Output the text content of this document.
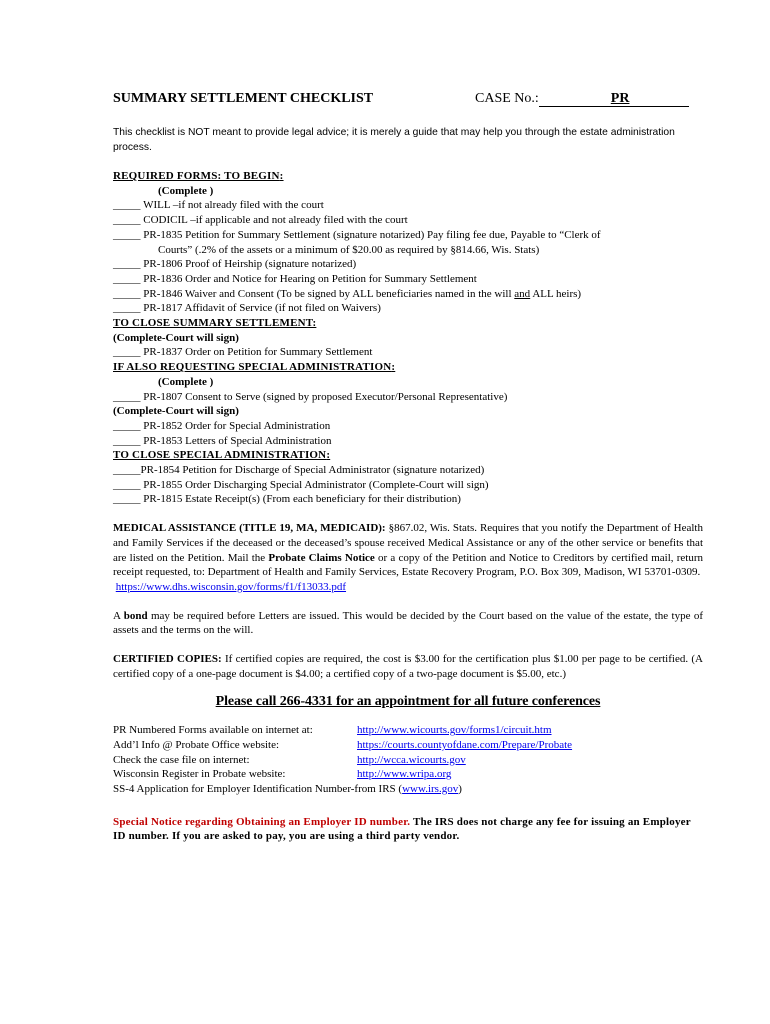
SUMMARY SETTLEMENT CHECKLIST	CASE No.:	PR
This checklist is NOT meant to provide legal advice; it is merely a guide that may help you through the estate administration process.
REQUIRED FORMS: TO BEGIN:
(Complete )
_____ WILL –if not already filed with the court
_____ CODICIL –if applicable and not already filed with the court
_____ PR-1835 Petition for Summary Settlement (signature notarized) Pay filing fee due, Payable to “Clerk of
Courts” (.2% of the assets or a minimum of $20.00 as required by §814.66, Wis. Stats)
_____ PR-1806 Proof of Heirship (signature notarized)
_____ PR-1836 Order and Notice for Hearing on Petition for Summary Settlement
_____ PR-1846 Waiver and Consent (To be signed by ALL beneficiaries named in the will and ALL heirs)
_____ PR-1817 Affidavit of Service (if not filed on Waivers)
TO CLOSE SUMMARY SETTLEMENT:
(Complete-Court will sign)
_____ PR-1837 Order on Petition for Summary Settlement
IF ALSO REQUESTING SPECIAL ADMINISTRATION:
(Complete )
_____ PR-1807 Consent to Serve (signed by proposed Executor/Personal Representative)
(Complete-Court will sign)
_____ PR-1852 Order for Special Administration
_____ PR-1853 Letters of Special Administration
TO CLOSE SPECIAL ADMINISTRATION:
_____PR-1854 Petition for Discharge of Special Administrator (signature notarized)
_____ PR-1855 Order Discharging Special Administrator (Complete-Court will sign)
_____ PR-1815 Estate Receipt(s) (From each beneficiary for their distribution)
MEDICAL ASSISTANCE (TITLE 19, MA, MEDICAID): §867.02, Wis. Stats. Requires that you notify the Department of Health and Family Services if the deceased or the deceased’s spouse received Medical Assistance or any of the other service or benefits that are listed on the Petition. Mail the Probate Claims Notice or a copy of the Petition and Notice to Creditors by certified mail, return receipt requested, to: Department of Health and Family Services, Estate Recovery Program, P.O. Box 309, Madison, WI 53701-0309.
https://www.dhs.wisconsin.gov/forms/f1/f13033.pdf
A bond may be required before Letters are issued. This would be decided by the Court based on the value of the estate, the type of assets and the terms on the will.
CERTIFIED COPIES: If certified copies are required, the cost is $3.00 for the certification plus $1.00 per page to be certified. (A certified copy of a one-page document is $4.00; a certified copy of a two-page document is $5.00, etc.)
Please call 266-4331 for an appointment for all future conferences
PR Numbered Forms available on internet at:	http://www.wicourts.gov/forms1/circuit.htm
Add’l Info @ Probate Office website:	https://courts.countyofdane.com/Prepare/Probate
Check the case file on internet:	http://wcca.wicourts.gov
Wisconsin Register in Probate website:	http://www.wripa.org
SS-4 Application for Employer Identification Number-from IRS (www.irs.gov)
Special Notice regarding Obtaining an Employer ID number. The IRS does not charge any fee for issuing an Employer ID number. If you are asked to pay, you are using a third party vendor.
